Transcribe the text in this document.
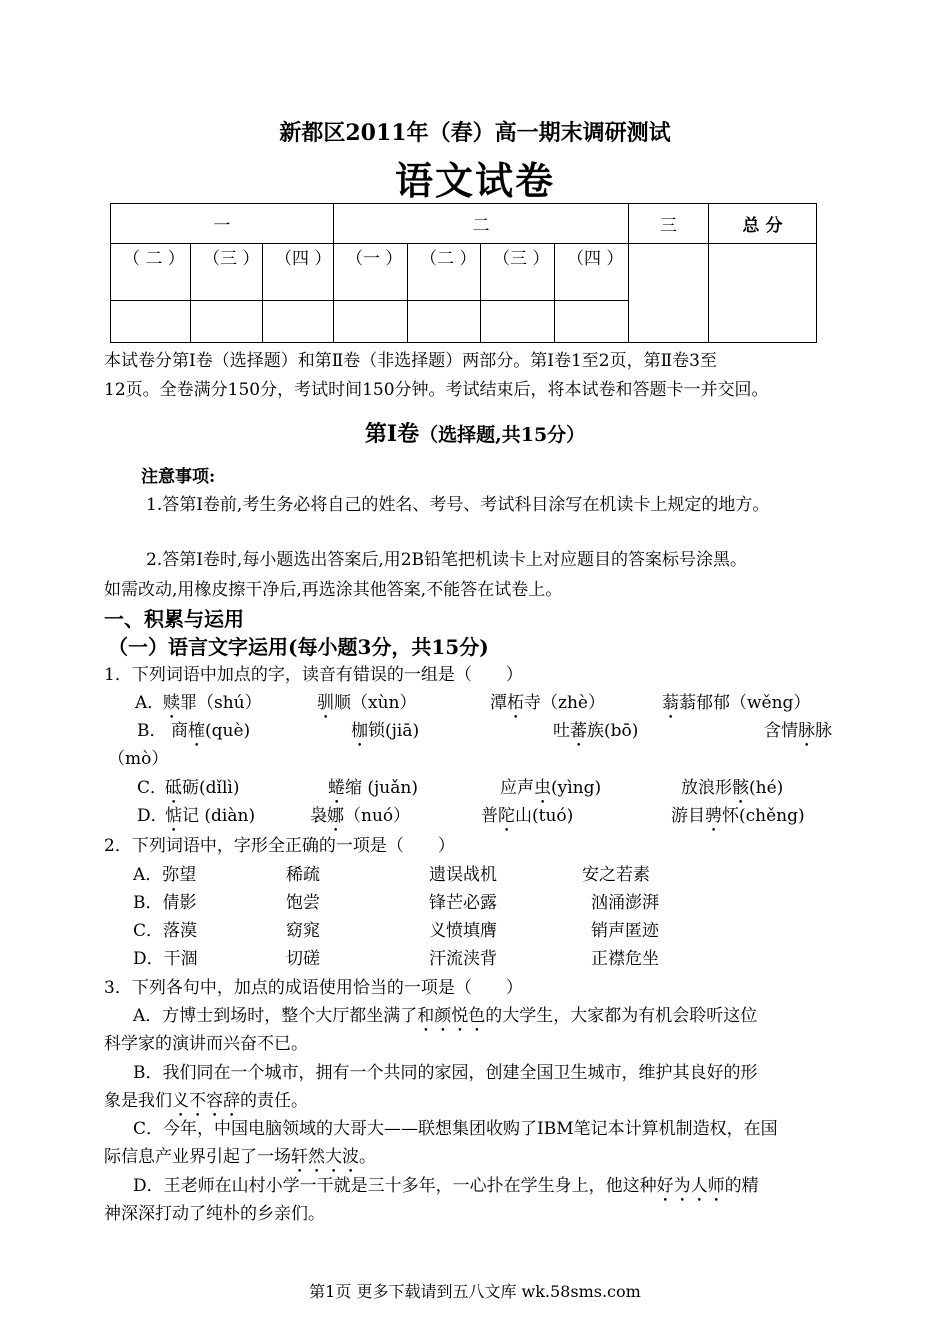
新都区2011年（春）高一期末调研测试
语文试卷
一			二				三	总 分
（ 二 ）	（三 ）	（四 ）	（一 ）	（二 ）	（三 ）	（四 ）		

本试卷分第Ⅰ卷（选择题）和第Ⅱ卷（非选择题）两部分。第Ⅰ卷1至2页，第Ⅱ卷3至
12页。全卷满分150分，考试时间150分钟。考试结束后，将本试卷和答题卡一并交回。
第Ⅰ卷（选择题,共15分）
注意事项:
1.答第Ⅰ卷前,考生务必将自己的姓名、考号、考试科目涂写在机读卡上规定的地方。
2.答第Ⅰ卷时,每小题选出答案后,用2B铅笔把机读卡上对应题目的答案标号涂黑。
如需改动,用橡皮擦干净后,再选涂其他答案,不能答在试卷上。
一、积累与运用
（一）语言文字运用(每小题3分，共15分)
1．下列词语中加点的字，读音有错误的一组是（　　）
A．
赎罪（shú）	驯顺（xùn）	潭柘寺（zhè）	蓊蓊郁郁（wěng）
B． 商榷(què)	枷锁(jiā)	吐蕃族(bō)	含情脉脉
（mò）
C．
砥砺(dǐlì)	蜷缩 (juǎn)	应声虫(yìng)	放浪形骸(hé)
D．
惦记 (diàn)	袅娜（nuó）	普陀山(tuó)	游目骋怀(chěng)
2．下列词语中，字形全正确的一项是（　　）
A．弥望	稀疏	遗误战机	安之若素
B．倩影	饱尝	锋芒必露	汹涌澎湃
C．落漠	窈窕	义愤填膺	销声匿迹
D．干涸	切磋	汗流浃背	正襟危坐
3．下列各句中，加点的成语使用恰当的一项是（　　）
A．方博士到场时，整个大厅都坐满了和颜悦色的大学生，大家都为有机会聆听这位
科学家的演讲而兴奋不已。
B．我们同在一个城市，拥有一个共同的家园，创建全国卫生城市，维护其良好的形
象是我们义不容辞的责任。
C．今年，中国电脑领域的大哥大——联想集团收购了IBM笔记本计算机制造权，在国
际信息产业界引起了一场轩然大波。
D．王老师在山村小学一干就是三十多年，一心扑在学生身上，他这种好为人师的精
神深深打动了纯朴的乡亲们。
第1页 更多下载请到五八文库 wk.58sms.com
